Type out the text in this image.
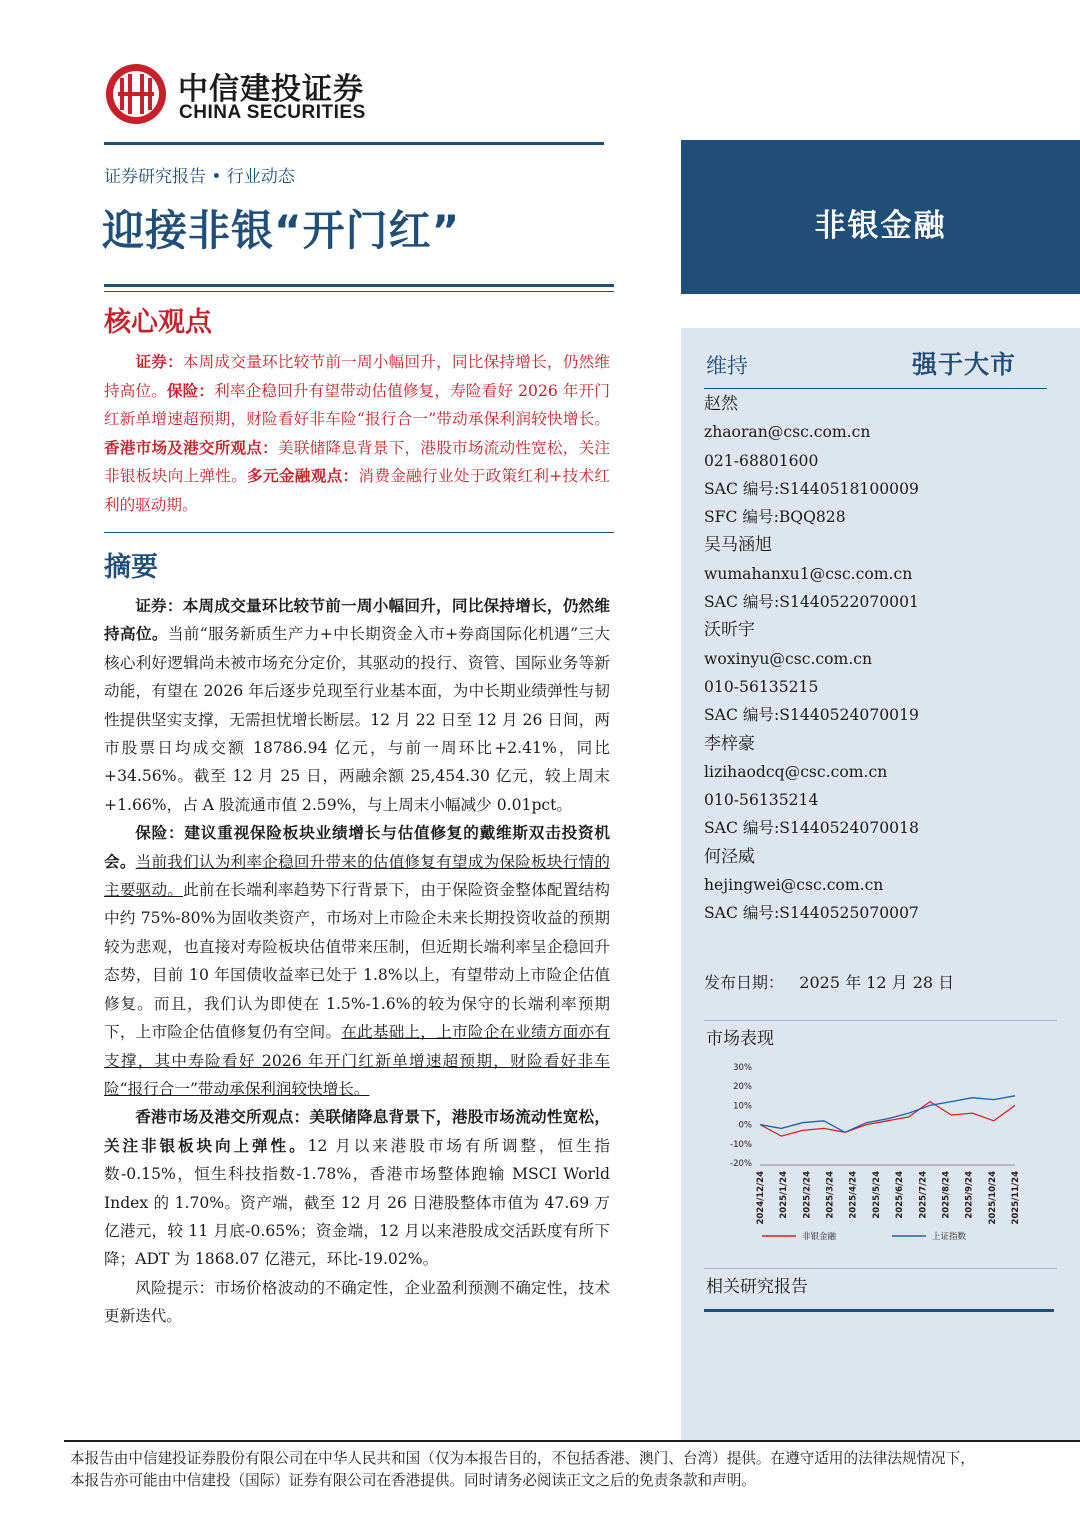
中信建投证券
CHINA SECURITIES
证券研究报告 • 行业动态
迎接非银“开门红”	非银金融
核心观点
  证券：本周成交量环比较节前一周小幅回升，同比保持增长，仍然维持高位。保险：利率企稳回升有望带动估值修复，寿险看好 2026 年开门红新单增速超预期，财险看好非车险“报行合一”带动承保利润较快增长。香港市场及港交所观点：美联储降息背景下，港股市场流动性宽松，关注非银板块向上弹性。多元金融观点：消费金融行业处于政策红利+技术红利的驱动期。
摘要

证券：本周成交量环比较节前一周小幅回升，同比保持增长，仍然维持高位。当前“服务新质生产力+中长期资金入市+券商国际化机遇”三大核心利好逻辑尚未被市场充分定价，其驱动的投行、资管、国际业务等新动能，有望在 2026 年后逐步兑现至行业基本面，为中长期业绩弹性与韧性提供坚实支撑，无需担忧增长断层。12 月 22 日至 12 月 26 日间，两市股票日均成交额 18786.94 亿元，与前一周环比+2.41%，同比+34.56%。截至 12 月 25 日，两融余额 25,454.30 亿元，较上周末+1.66%，占 A 股流通市值 2.59%，与上周末小幅减少 0.01pct。

保险：建议重视保险板块业绩增长与估值修复的戴维斯双击投资机会。当前我们认为利率企稳回升带来的估值修复有望成为保险板块行情的主要驱动。此前在长端利率趋势下行背景下，由于保险资金整体配置结构中约 75%-80%为固收类资产，市场对上市险企未来长期投资收益的预期较为悲观，也直接对寿险板块估值带来压制，但近期长端利率呈企稳回升态势，目前 10 年国债收益率已处于 1.8%以上，有望带动上市险企估值修复。而且，我们认为即使在 1.5%-1.6%的较为保守的长端利率预期下，上市险企估值修复仍有空间。在此基础上，上市险企在业绩方面亦有支撑，其中寿险看好 2026 年开门红新单增速超预期，财险看好非车险“报行合一”带动承保利润较快增长。

香港市场及港交所观点：美联储降息背景下，港股市场流动性宽松，关注非银板块向上弹性。12 月以来港股市场有所调整，恒生指数-0.15%，恒生科技指数-1.78%，香港市场整体跑输 MSCI World Index 的 1.70%。资产端，截至 12 月 26 日港股整体市值为 47.69 万亿港元，较 11 月底-0.65%；资金端，12 月以来港股成交活跃度有所下降；ADT 为 1868.07 亿港元，环比-19.02%。

风险提示：市场价格波动的不确定性，企业盈利预测不确定性，技术更新迭代。

维持	强于大市
赵然
zhaoran@csc.com.cn
021-68801600
SAC 编号:S1440518100009
SFC 编号:BQQ828
吴马涵旭
wumahanxu1@csc.com.cn
SAC 编号:S1440522070001
沃昕宇
woxinyu@csc.com.cn
010-56135215
SAC 编号:S1440524070019
李梓豪
lizihaodcq@csc.com.cn
010-56135214
SAC 编号:S1440524070018
何泾威
hejingwei@csc.com.cn
SAC 编号:S1440525070007
发布日期： 2025 年 12 月 28 日
市场表现
30%
20%
10%
0%
-10%
-20%
2024/12/24 2025/1/24 2025/2/24 2025/3/24 2025/4/24 2025/5/24 2025/6/24 2025/7/24 2025/8/24 2025/9/24 2025/10/24 2025/11/24
非银金融	上证指数
相关研究报告
本报告由中信建投证券股份有限公司在中华人民共和国（仅为本报告目的，不包括香港、澳门、台湾）提供。在遵守适用的法律法规情况下，
本报告亦可能由中信建投（国际）证券有限公司在香港提供。同时请务必阅读正文之后的免责条款和声明。
